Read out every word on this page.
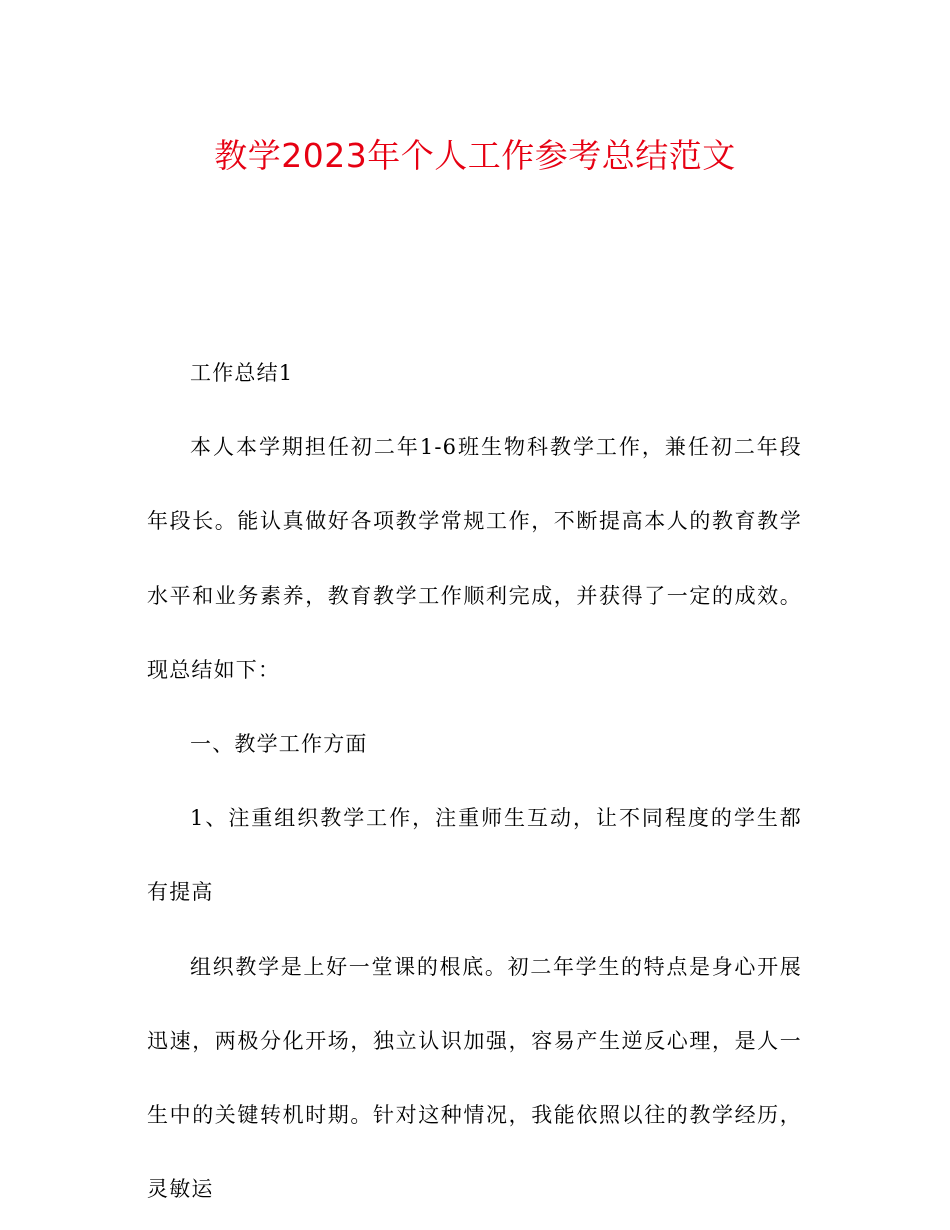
教学2023年个人工作参考总结范文

工作总结1

本人本学期担任初二年1-6班生物科教学工作，兼任初二年段年段长。能认真做好各项教学常规工作，不断提高本人的教育教学水平和业务素养，教育教学工作顺利完成，并获得了一定的成效。现总结如下：

一、教学工作方面

1、注重组织教学工作，注重师生互动，让不同程度的学生都有提高

组织教学是上好一堂课的根底。初二年学生的特点是身心开展迅速，两极分化开场，独立认识加强，容易产生逆反心理，是人一生中的关键转机时期。针对这种情况，我能依照以往的教学经历，灵敏运
